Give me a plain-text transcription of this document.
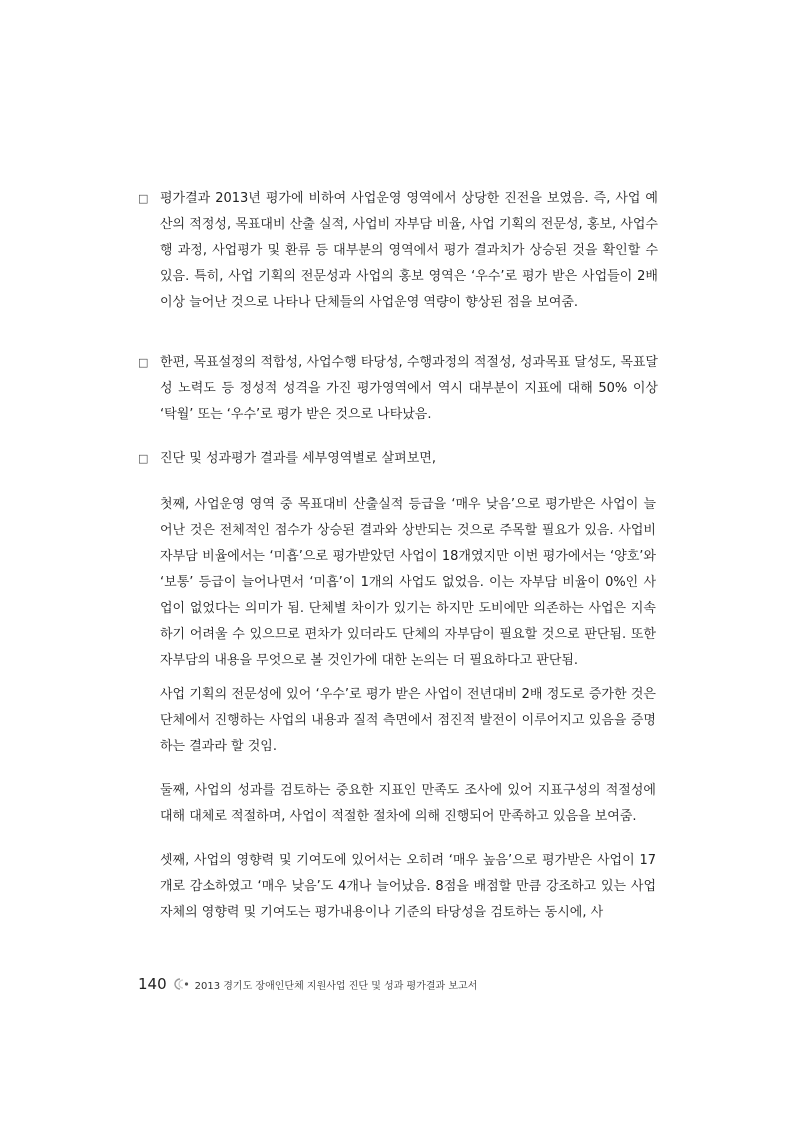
□ 평가결과 2013년 평가에 비하여 사업운영 영역에서 상당한 진전을 보였음. 즉, 사업 예산의 적정성, 목표대비 산출 실적, 사업비 자부담 비율, 사업 기획의 전문성, 홍보, 사업수행 과정, 사업평가 및 환류 등 대부분의 영역에서 평가 결과치가 상승된 것을 확인할 수 있음. 특히, 사업 기획의 전문성과 사업의 홍보 영역은 ‘우수’로 평가 받은 사업들이 2배 이상 늘어난 것으로 나타나 단체들의 사업운영 역량이 향상된 점을 보여줌.
□ 한편, 목표설정의 적합성, 사업수행 타당성, 수행과정의 적절성, 성과목표 달성도, 목표달성 노력도 등 정성적 성격을 가진 평가영역에서 역시 대부분이 지표에 대해 50% 이상 ‘탁월’ 또는 ‘우수’로 평가 받은 것으로 나타났음.
□ 진단 및 성과평가 결과를 세부영역별로 살펴보면,
첫째, 사업운영 영역 중 목표대비 산출실적 등급을 ‘매우 낮음’으로 평가받은 사업이 늘어난 것은 전체적인 점수가 상승된 결과와 상반되는 것으로 주목할 필요가 있음. 사업비 자부담 비율에서는 ‘미흡’으로 평가받았던 사업이 18개였지만 이번 평가에서는 ‘양호’와 ‘보통’ 등급이 늘어나면서 ‘미흡’이 1개의 사업도 없었음. 이는 자부담 비율이 0%인 사업이 없었다는 의미가 됨. 단체별 차이가 있기는 하지만 도비에만 의존하는 사업은 지속하기 어려울 수 있으므로 편차가 있더라도 단체의 자부담이 필요할 것으로 판단됨. 또한 자부담의 내용을 무엇으로 볼 것인가에 대한 논의는 더 필요하다고 판단됨.
사업 기획의 전문성에 있어 ‘우수’로 평가 받은 사업이 전년대비 2배 정도로 증가한 것은 단체에서 진행하는 사업의 내용과 질적 측면에서 점진적 발전이 이루어지고 있음을 증명하는 결과라 할 것임.
둘째, 사업의 성과를 검토하는 중요한 지표인 만족도 조사에 있어 지표구성의 적절성에 대해 대체로 적절하며, 사업이 적절한 절차에 의해 진행되어 만족하고 있음을 보여줌.
셋째, 사업의 영향력 및 기여도에 있어서는 오히려 ‘매우 높음’으로 평가받은 사업이 17개로 감소하였고 ‘매우 낮음’도 4개나 늘어났음. 8점을 배점할 만큼 강조하고 있는 사업자체의 영향력 및 기여도는 평가내용이나 기준의 타당성을 검토하는 동시에, 사
140	2013 경기도 장애인단체 지원사업 진단 및 성과 평가결과 보고서
